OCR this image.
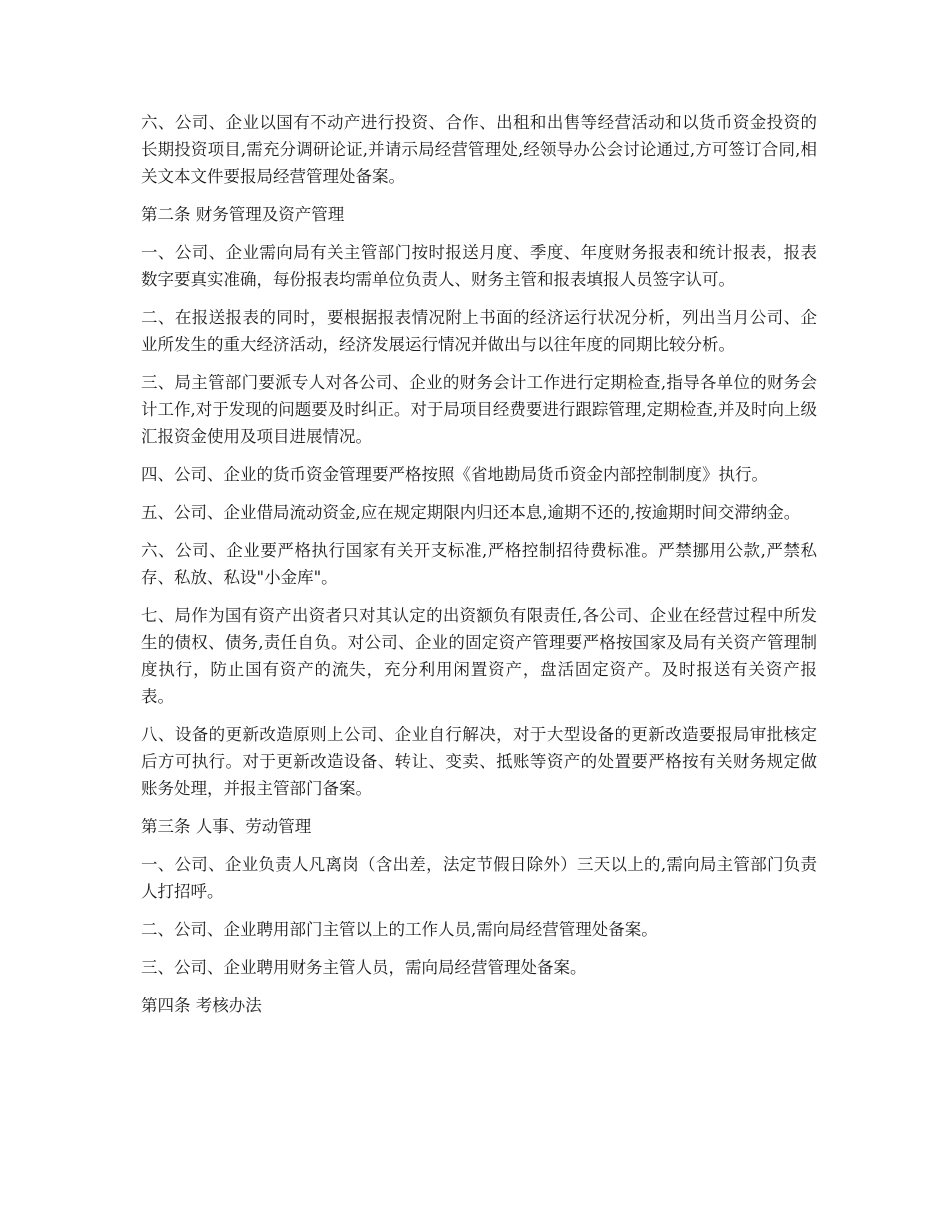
六、公司、企业以国有不动产进行投资、合作、出租和出售等经营活动和以货币资金投资的长期投资项目,需充分调研论证,并请示局经营管理处,经领导办公会讨论通过,方可签订合同,相关文本文件要报局经营管理处备案。

第二条 财务管理及资产管理

一、公司、企业需向局有关主管部门按时报送月度、季度、年度财务报表和统计报表，报表数字要真实准确，每份报表均需单位负责人、财务主管和报表填报人员签字认可。

二、在报送报表的同时，要根据报表情况附上书面的经济运行状况分析，列出当月公司、企业所发生的重大经济活动，经济发展运行情况并做出与以往年度的同期比较分析。

三、局主管部门要派专人对各公司、企业的财务会计工作进行定期检查,指导各单位的财务会计工作,对于发现的问题要及时纠正。对于局项目经费要进行跟踪管理,定期检查,并及时向上级汇报资金使用及项目进展情况。

四、公司、企业的货币资金管理要严格按照《省地勘局货币资金内部控制制度》执行。

五、公司、企业借局流动资金,应在规定期限内归还本息,逾期不还的,按逾期时间交滞纳金。

六、公司、企业要严格执行国家有关开支标准,严格控制招待费标准。严禁挪用公款,严禁私存、私放、私设"小金库"。

七、局作为国有资产出资者只对其认定的出资额负有限责任,各公司、企业在经营过程中所发生的债权、债务,责任自负。对公司、企业的固定资产管理要严格按国家及局有关资产管理制度执行，防止国有资产的流失，充分利用闲置资产，盘活固定资产。及时报送有关资产报表。

八、设备的更新改造原则上公司、企业自行解决，对于大型设备的更新改造要报局审批核定后方可执行。对于更新改造设备、转让、变卖、抵账等资产的处置要严格按有关财务规定做账务处理，并报主管部门备案。

第三条 人事、劳动管理

一、公司、企业负责人凡离岗（含出差，法定节假日除外）三天以上的,需向局主管部门负责人打招呼。

二、公司、企业聘用部门主管以上的工作人员,需向局经营管理处备案。

三、公司、企业聘用财务主管人员，需向局经营管理处备案。

第四条 考核办法
